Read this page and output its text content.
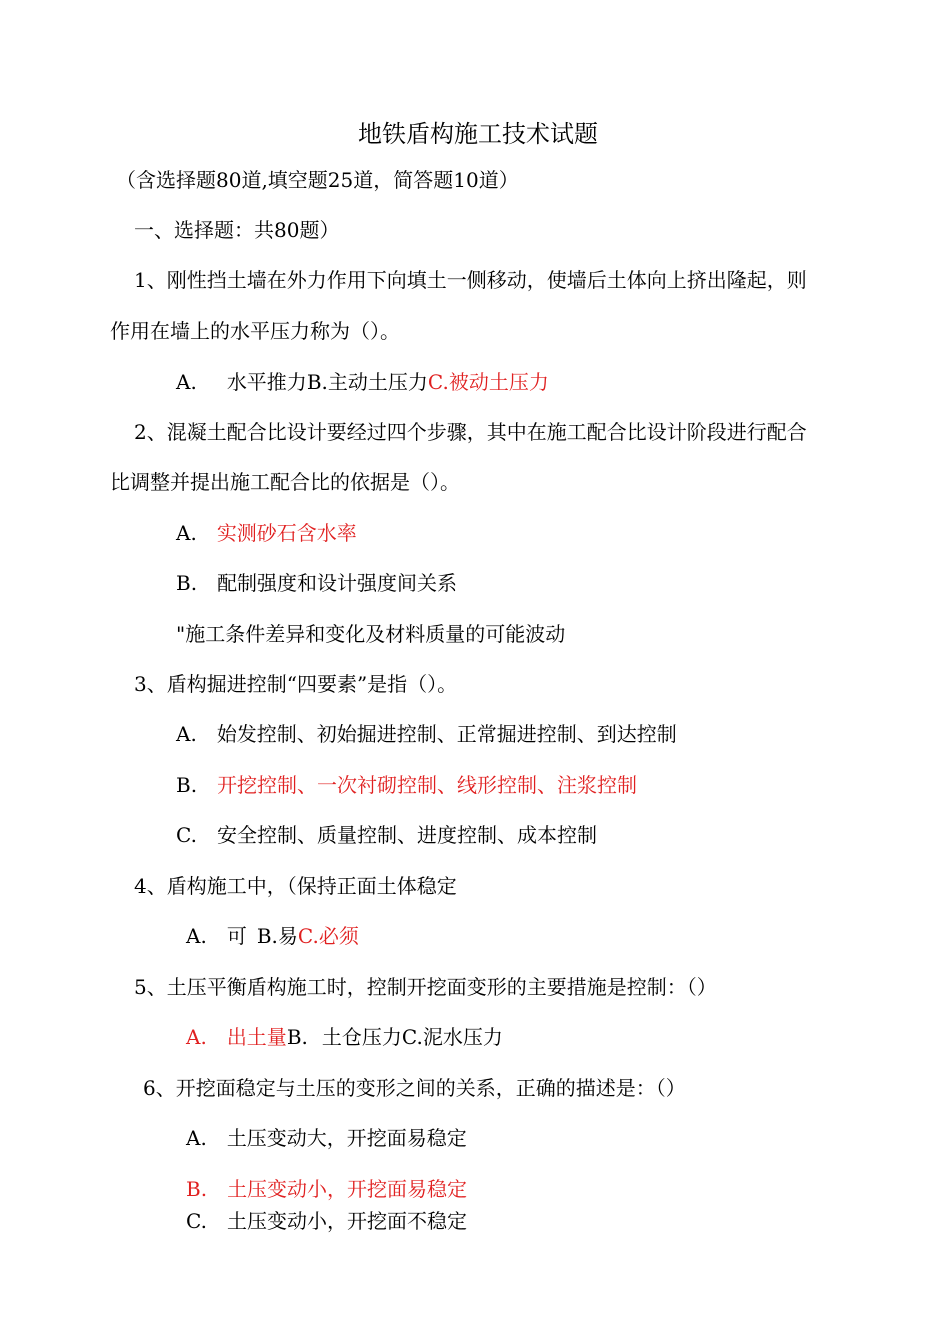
地铁盾构施工技术试题
（含选择题80道,填空题25道，简答题10道）
一、选择题：共80题）
1、刚性挡土墙在外力作用下向填土一侧移动，使墙后土体向上挤出隆起，则
作用在墙上的水平压力称为（）。
A. 水平推力B.主动土压力C.被动土压力
2、混凝土配合比设计要经过四个步骤，其中在施工配合比设计阶段进行配合
比调整并提出施工配合比的依据是（）。
A. 实测砂石含水率
B. 配制强度和设计强度间关系
"施工条件差异和变化及材料质量的可能波动
3、盾构掘进控制“四要素”是指（）。
A. 始发控制、初始掘进控制、正常掘进控制、到达控制
B. 开挖控制、一次衬砌控制、线形控制、注浆控制
C. 安全控制、质量控制、进度控制、成本控制
4、盾构施工中，（保持正面土体稳定
A. 可 B.易C.必须
5、土压平衡盾构施工时，控制开挖面变形的主要措施是控制：（）
A. 出土量B. 土仓压力C.泥水压力
6、开挖面稳定与土压的变形之间的关系，正确的描述是：（）
A. 土压变动大，开挖面易稳定
B. 土压变动小，开挖面易稳定
C. 土压变动小，开挖面不稳定
